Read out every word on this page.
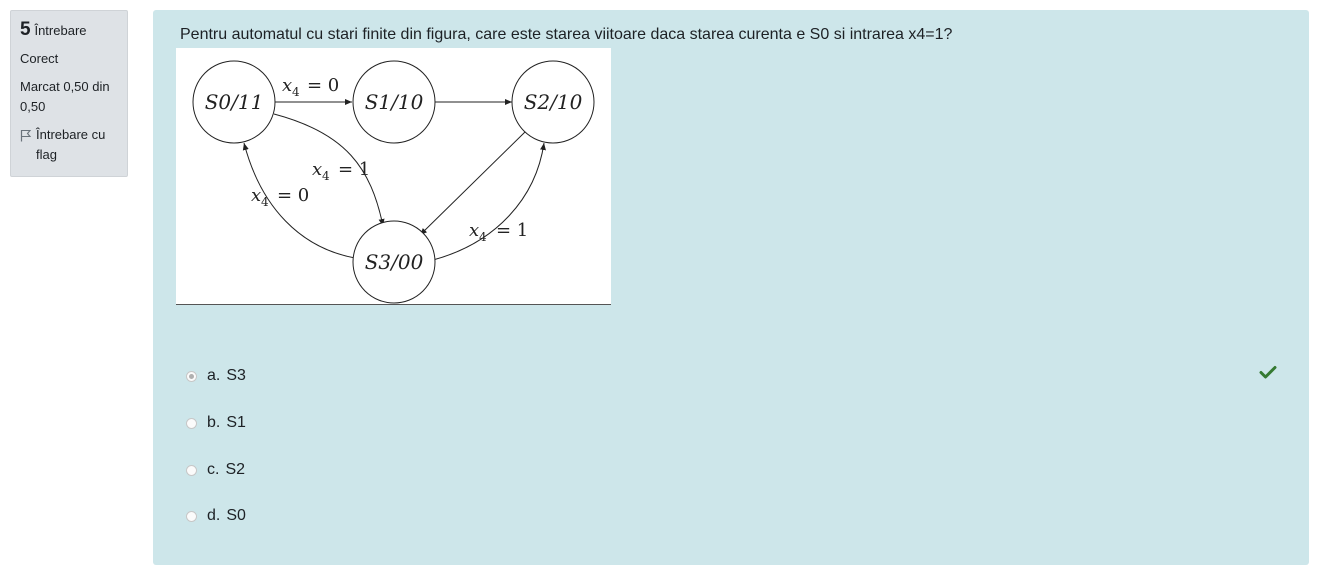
5 Întrebare
Corect
Marcat 0,50 din 0,50
Întrebare cu flag
Pentru automatul cu stari finite din figura, care este starea viitoare daca starea curenta e S0 si intrarea x4=1?
S0/11	S1/10	S2/10
S3/00
x 4 = 0
x 4 = 1
x 4 = 0
x 4 = 1
a. S3
b. S1
c. S2
d. S0
